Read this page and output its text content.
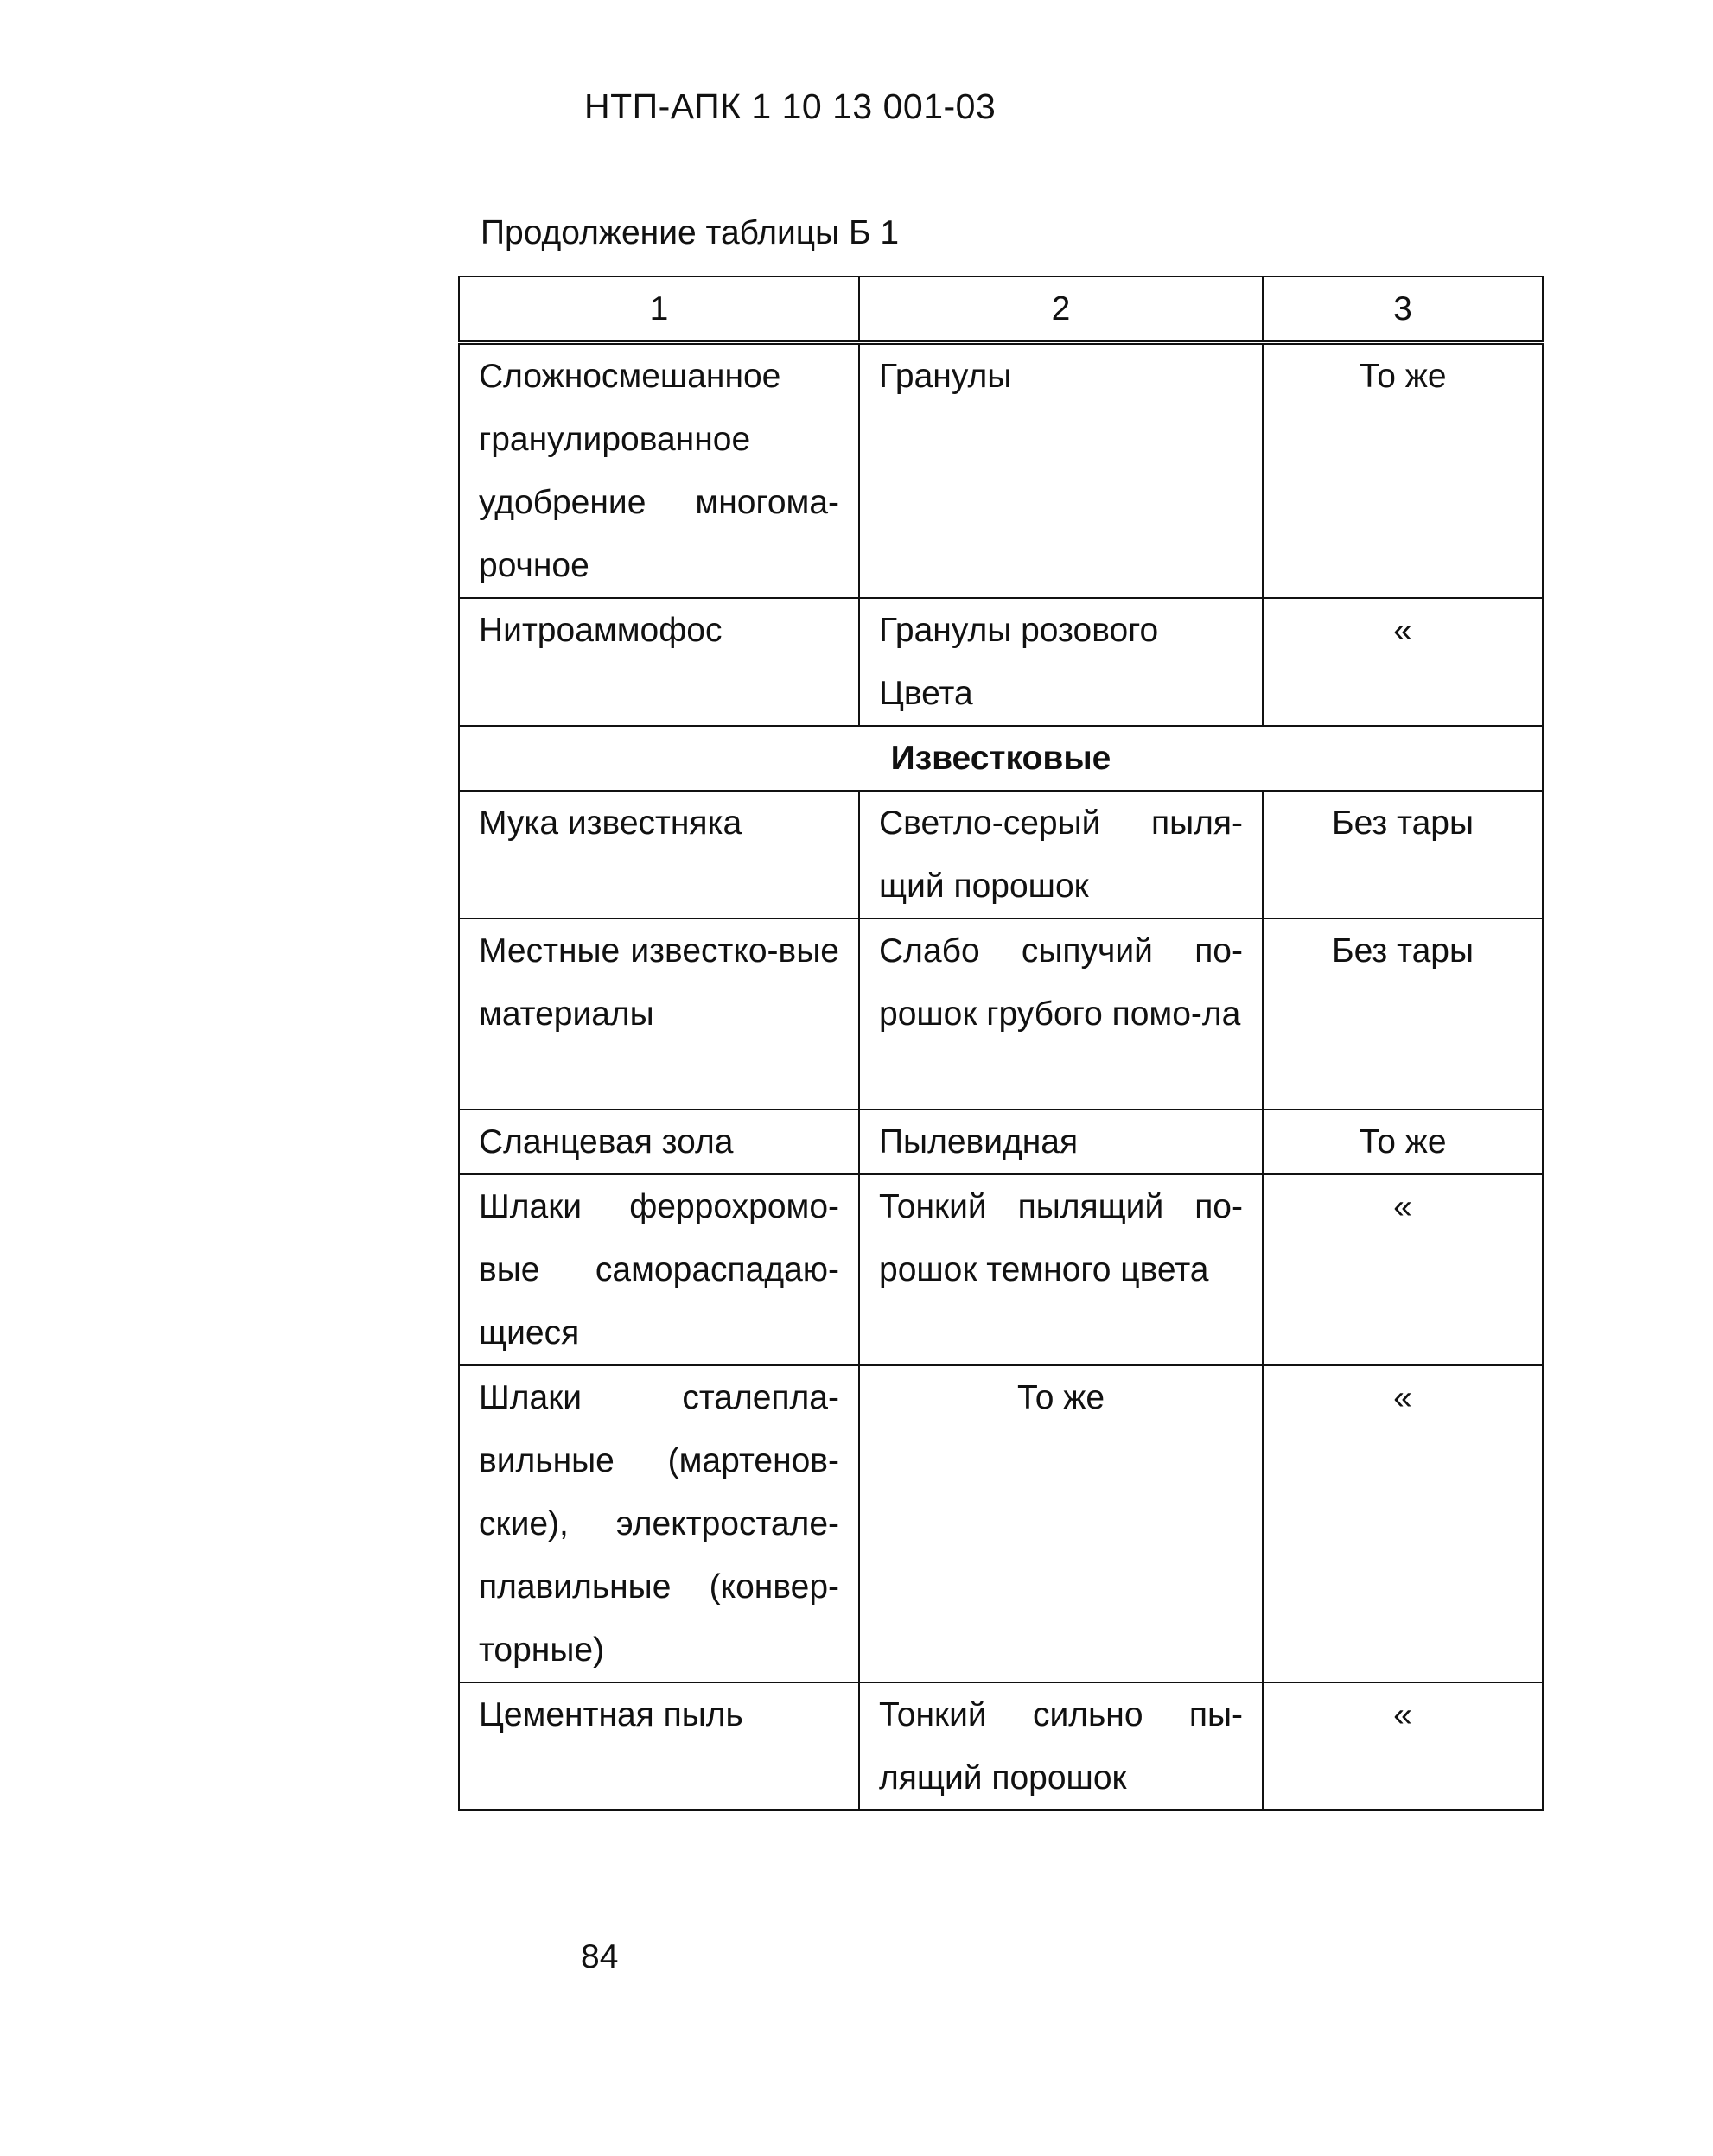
НТП-АПК 1 10 13 001-03
Продолжение таблицы Б 1
1	2	3

Сложносмешанное гранулированное удобрение многома-рочное	Гранулы	То же

Нитроаммофос	Гранулы розового Цвета	«
Известковые		

Мука известняка	Светло-серый пыля-щий порошок	Без тары

Местные известко-вые материалы	Слабо сыпучий по-рошок грубого помо-ла	Без тары

Сланцевая зола	Пылевидная	То же

Шлаки феррохромо-вые самораспадаю-щиеся	Тонкий пылящий по-рошок темного цвета	«

Шлаки сталепла-вильные (мартенов-ские), электростале-плавильные (конвер-торные)	То же	«

Цементная пыль	Тонкий сильно пы-лящий порошок	«
84
